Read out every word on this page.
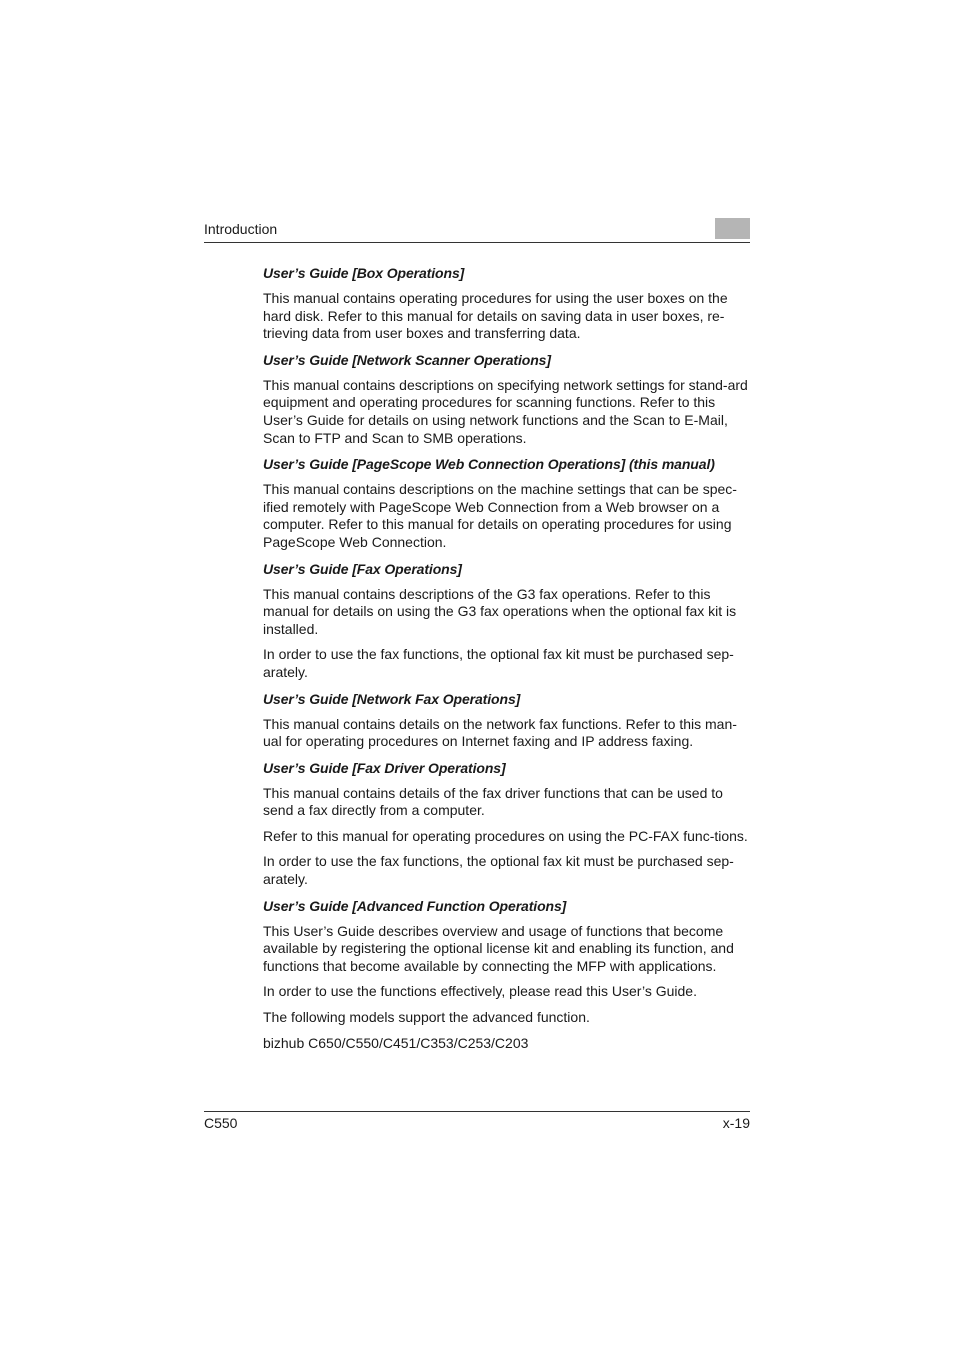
Introduction

User’s Guide [Box Operations]

This manual contains operating procedures for using the user boxes on the hard disk. Refer to this manual for details on saving data in user boxes, re-trieving data from user boxes and transferring data.

User’s Guide [Network Scanner Operations]

This manual contains descriptions on specifying network settings for stand-ard equipment and operating procedures for scanning functions. Refer to this User’s Guide for details on using network functions and the Scan to E-Mail, Scan to FTP and Scan to SMB operations.

User’s Guide [PageScope Web Connection Operations] (this manual)

This manual contains descriptions on the machine settings that can be spec-ified remotely with PageScope Web Connection from a Web browser on a computer. Refer to this manual for details on operating procedures for using PageScope Web Connection.

User’s Guide [Fax Operations]

This manual contains descriptions of the G3 fax operations. Refer to this manual for details on using the G3 fax operations when the optional fax kit is installed.

In order to use the fax functions, the optional fax kit must be purchased sep-arately.

User’s Guide [Network Fax Operations]

This manual contains details on the network fax functions. Refer to this man-ual for operating procedures on Internet faxing and IP address faxing.

User’s Guide [Fax Driver Operations]

This manual contains details of the fax driver functions that can be used to send a fax directly from a computer.

Refer to this manual for operating procedures on using the PC-FAX func-tions.

In order to use the fax functions, the optional fax kit must be purchased sep-arately.

User’s Guide [Advanced Function Operations]

This User’s Guide describes overview and usage of functions that become available by registering the optional license kit and enabling its function, and functions that become available by connecting the MFP with applications.

In order to use the functions effectively, please read this User’s Guide.

The following models support the advanced function.

bizhub C650/C550/C451/C353/C253/C203

C550	x-19
